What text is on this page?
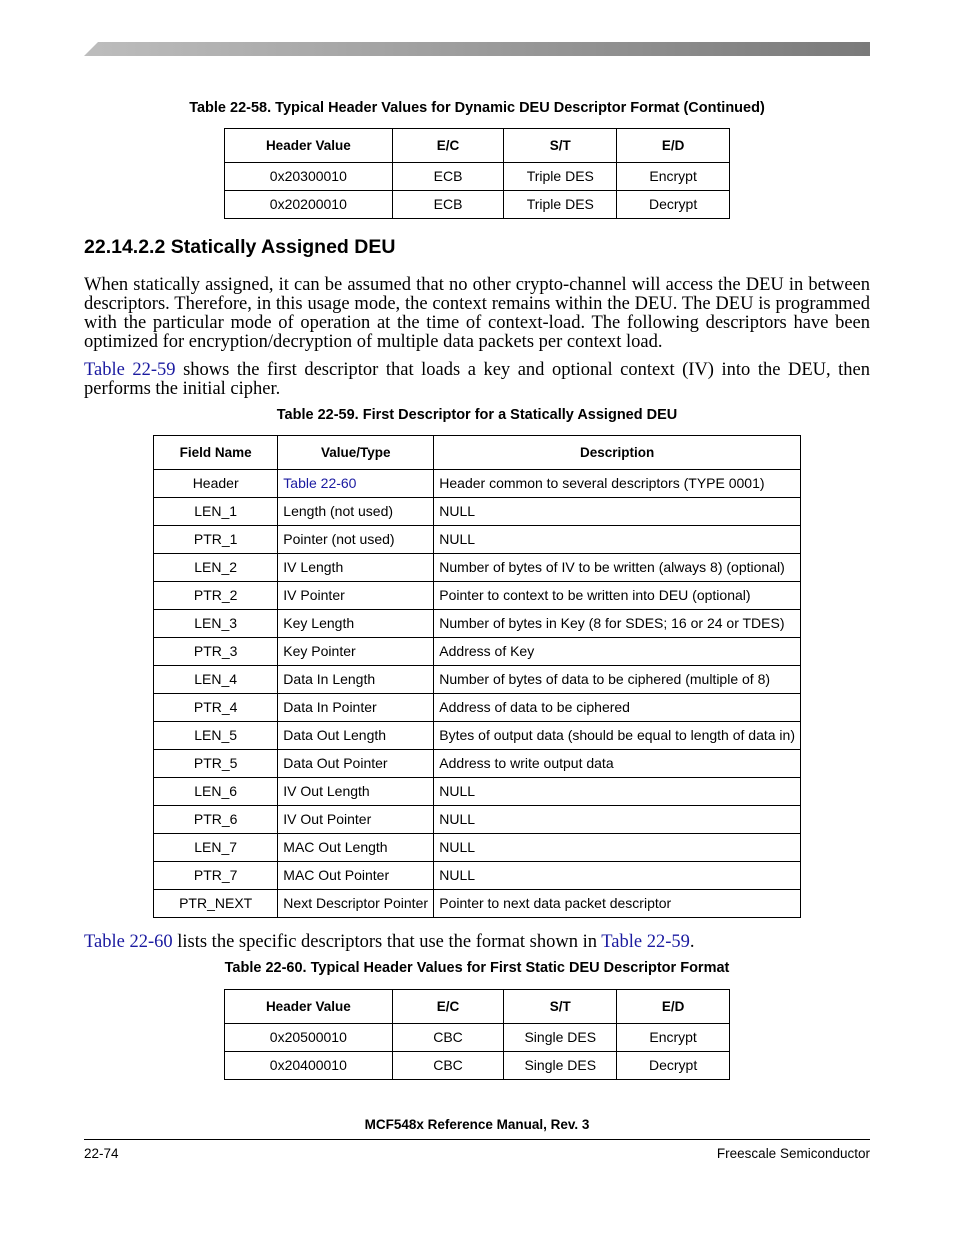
Table 22-58. Typical Header Values for Dynamic DEU Descriptor Format (Continued)
Header Value	E/C	S/T	E/D
0x20300010	ECB	Triple DES	Encrypt
0x20200010	ECB	Triple DES	Decrypt
22.14.2.2 Statically Assigned DEU
When statically assigned, it can be assumed that no other crypto-channel will access the DEU in between descriptors. Therefore, in this usage mode, the context remains within the DEU. The DEU is programmed with the particular mode of operation at the time of context-load. The following descriptors have been optimized for encryption/decryption of multiple data packets per context load.
Table 22-59 shows the first descriptor that loads a key and optional context (IV) into the DEU, then performs the initial cipher.
Table 22-59. First Descriptor for a Statically Assigned DEU
Field Name	Value/Type	Description
Header	Table 22-60	Header common to several descriptors (TYPE 0001)
LEN_1	Length (not used)	NULL
PTR_1	Pointer (not used)	NULL
LEN_2	IV Length	Number of bytes of IV to be written (always 8) (optional)
PTR_2	IV Pointer	Pointer to context to be written into DEU (optional)
LEN_3	Key Length	Number of bytes in Key (8 for SDES; 16 or 24 or TDES)
PTR_3	Key Pointer	Address of Key
LEN_4	Data In Length	Number of bytes of data to be ciphered (multiple of 8)
PTR_4	Data In Pointer	Address of data to be ciphered
LEN_5	Data Out Length	Bytes of output data (should be equal to length of data in)
PTR_5	Data Out Pointer	Address to write output data
LEN_6	IV Out Length	NULL
PTR_6	IV Out Pointer	NULL
LEN_7	MAC Out Length	NULL
PTR_7	MAC Out Pointer	NULL
PTR_NEXT	Next Descriptor Pointer	Pointer to next data packet descriptor
Table 22-60 lists the specific descriptors that use the format shown in Table 22-59.
Table 22-60. Typical Header Values for First Static DEU Descriptor Format
Header Value	E/C	S/T	E/D
0x20500010	CBC	Single DES	Encrypt
0x20400010	CBC	Single DES	Decrypt
MCF548x Reference Manual, Rev. 3
22-74	Freescale Semiconductor
